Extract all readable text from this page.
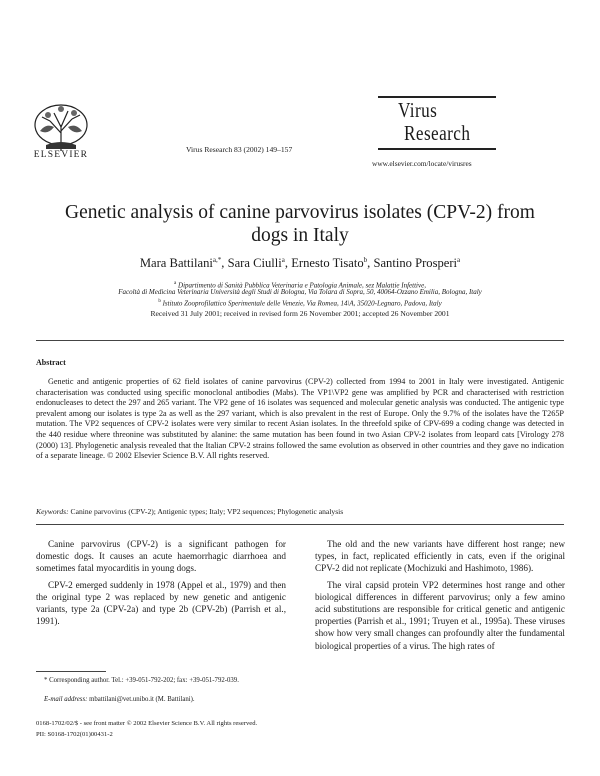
ELSEVIER
Virus Research 83 (2002) 149–157
Virus
Research
www.elsevier.com/locate/virusres
Genetic analysis of canine parvovirus isolates (CPV-2) from
dogs in Italy
Mara Battilani$^{a,*}$, Sara Ciulli$^a$, Ernesto Tisato$^b$, Santino Prosperi$^a$
$^a$ Dipartimento di Sanità Pubblica Veterinaria e Patologia Animale, sez Malattie Infettive,
Facoltà di Medicina Veterinaria Università degli Studi di Bologna, Via Tolara di Sopra, 50, 40064-Ozzano Emilia, Bologna, Italy
$^b$ Istituto Zooprofilattico Sperimentale delle Venezie, Via Romea, 14\A, 35020-Legnaro, Padova, Italy
Received 31 July 2001; received in revised form 26 November 2001; accepted 26 November 2001
Abstract
Genetic and antigenic properties of 62 field isolates of canine parvovirus (CPV-2) collected from 1994 to 2001 in Italy were investigated. Antigenic characterisation was conducted using specific monoclonal antibodies (Mabs). The VP1\VP2 gene was amplified by PCR and characterised with restriction endonucleases to detect the 297 and 265 variant. The VP2 gene of 16 isolates was sequenced and molecular genetic analysis was conducted. The antigenic type prevalent among our isolates is type 2a as well as the 297 variant, which is also prevalent in the rest of Europe. Only the 9.7% of the isolates have the T265P mutation. The VP2 sequences of CPV-2 isolates were very similar to recent Asian isolates. In the threefold spike of CPV-699 a coding change was detected in the 440 residue where threonine was substituted by alanine: the same mutation has been found in two Asian CPV-2 isolates from leopard cats [Virology 278 (2000) 13]. Phylogenetic analysis revealed that the Italian CPV-2 strains followed the same evolution as observed in other countries and they gave no indication of a separate lineage. © 2002 Elsevier Science B.V. All rights reserved.
Keywords: Canine parvovirus (CPV-2); Antigenic types; Italy; VP2 sequences; Phylogenetic analysis

Canine parvovirus (CPV-2) is a significant pathogen for domestic dogs. It causes an acute haemorrhagic diarrhoea and sometimes fatal myocarditis in young dogs.

CPV-2 emerged suddenly in 1978 (Appel et al., 1979) and then the original type 2 was replaced by new genetic and antigenic variants, type 2a (CPV-2a) and type 2b (CPV-2b) (Parrish et al., 1991).

The old and the new variants have different host range; new types, in fact, replicated efficiently in cats, even if the original CPV-2 did not replicate (Mochizuki and Hashimoto, 1986).

The viral capsid protein VP2 determines host range and other biological differences in different parvovirus; only a few amino acid substitutions are responsible for critical genetic and antigenic properties (Parrish et al., 1991; Truyen et al., 1995a). These viruses show how very small changes can profoundly alter the fundamental biological properties of a virus. The high rates of

* Corresponding author. Tel.: +39-051-792-202; fax: +39-051-792-039.
E-mail address: mbattilani@vet.unibo.it (M. Battilani).
0168-1702/02/$ - see front matter © 2002 Elsevier Science B.V. All rights reserved.
PII: S0168-1702(01)00431-2
